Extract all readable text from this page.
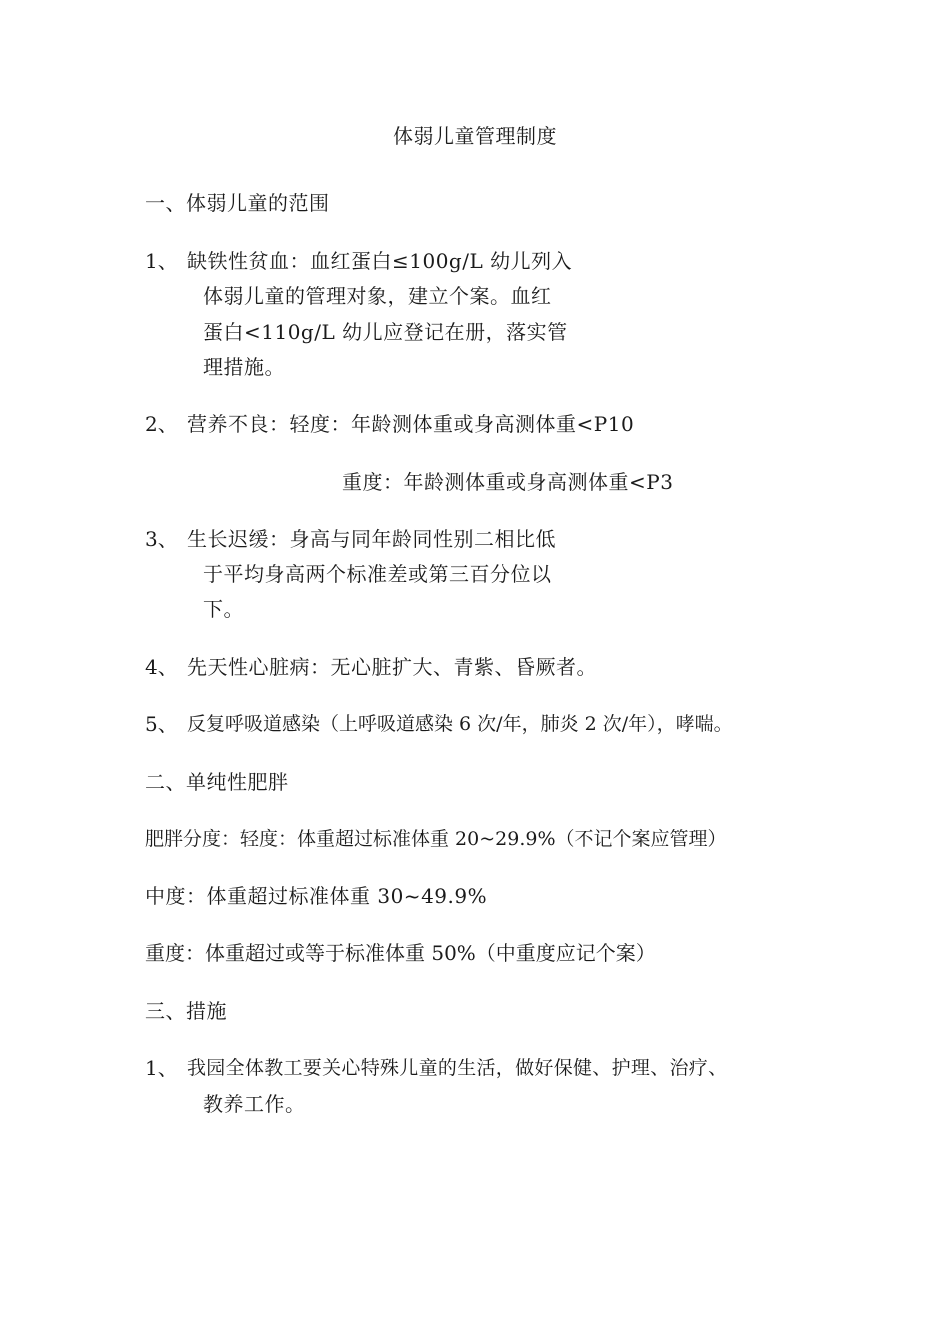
体弱儿童管理制度
一、体弱儿童的范围
1、 缺铁性贫血：血红蛋白≤100g/L 幼儿列入
体弱儿童的管理对象，建立个案。血红
蛋白<110g/L 幼儿应登记在册，落实管
理措施。
2、 营养不良：轻度：年龄测体重或身高测体重<P10
重度：年龄测体重或身高测体重<P3
3、 生长迟缓：身高与同年龄同性别二相比低
于平均身高两个标准差或第三百分位以
下。
4、 先天性心脏病：无心脏扩大、青紫、昏厥者。
5、 反复呼吸道感染（上呼吸道感染 6 次/年，肺炎 2 次/年），哮喘。
二、单纯性肥胖
肥胖分度：轻度：体重超过标准体重 20~29.9%（不记个案应管理）
中度：体重超过标准体重 30~49.9%
重度：体重超过或等于标准体重 50%（中重度应记个案）
三、措施
1、 我园全体教工要关心特殊儿童的生活，做好保健、护理、治疗、
教养工作。
